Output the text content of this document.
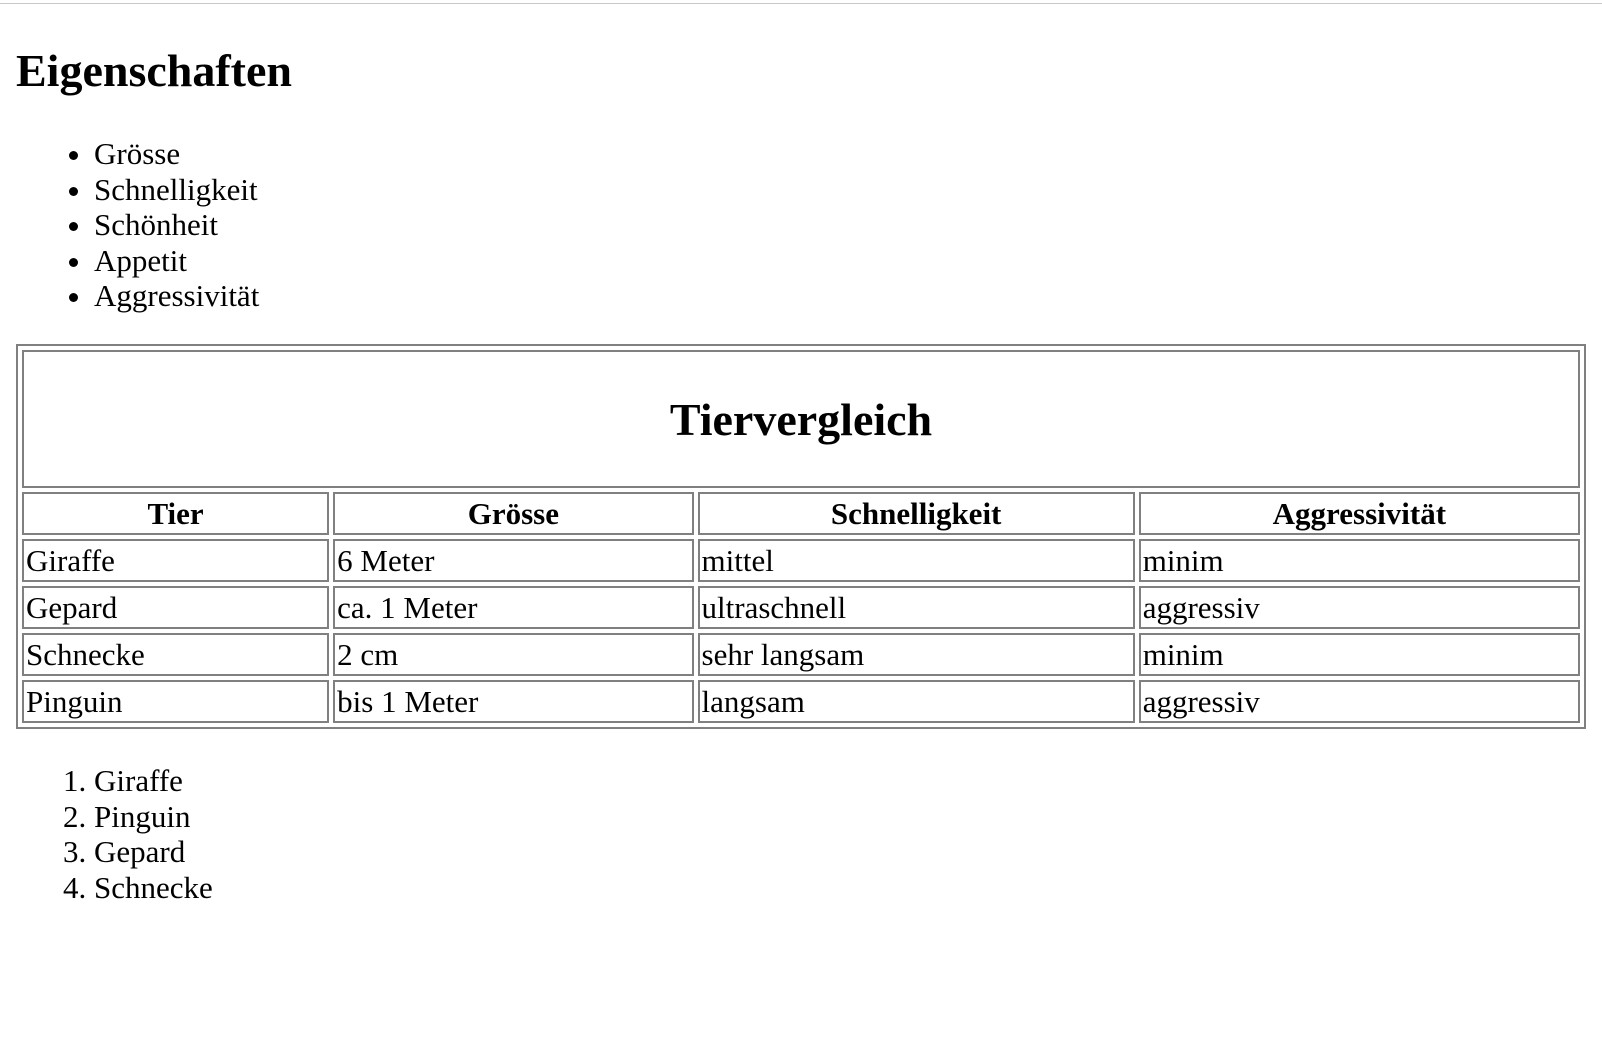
Eigenschaften
• Grösse
• Schnelligkeit
• Schönheit
• Appetit
• Aggressivität
Tiervergleich			
Tier	Grösse	Schnelligkeit	Aggressivität
Giraffe	6 Meter	mittel	minim
Gepard	ca. 1 Meter	ultraschnell	aggressiv
Schnecke	2 cm	sehr langsam	minim
Pinguin	bis 1 Meter	langsam	aggressiv
1. Giraffe
2. Pinguin
3. Gepard
4. Schnecke
